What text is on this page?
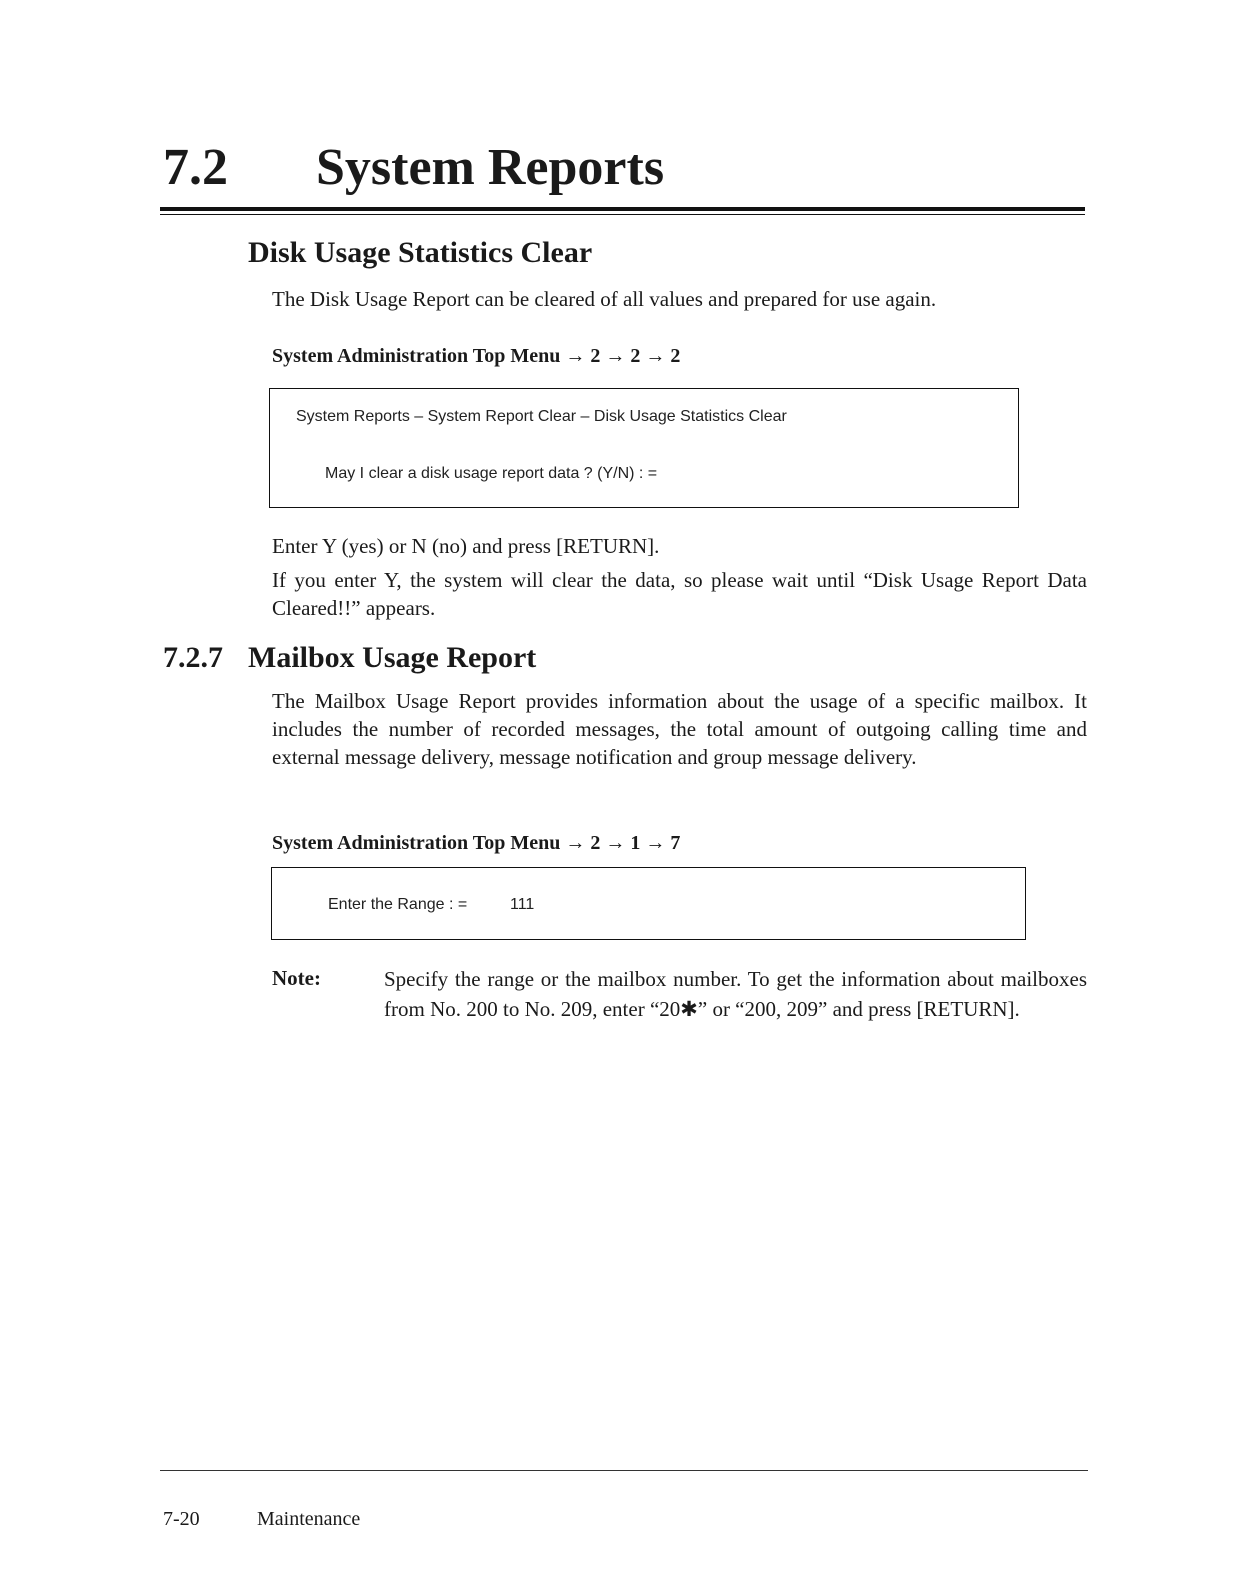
7.2 System Reports
Disk Usage Statistics Clear
The Disk Usage Report can be cleared of all values and prepared for use again.
System Administration Top Menu → 2 → 2 → 2
System Reports – System Report Clear – Disk Usage Statistics Clear
May I clear a disk usage report data ? (Y/N) : =
Enter Y (yes) or N (no) and press [RETURN].
If you enter Y, the system will clear the data, so please wait until “Disk Usage Report Data Cleared!!” appears.
7.2.7 Mailbox Usage Report
The Mailbox Usage Report provides information about the usage of a specific mailbox. It includes the number of recorded messages, the total amount of outgoing calling time and external message delivery, message notification and group message delivery.
System Administration Top Menu → 2 → 1 → 7
Enter the Range : =	111
Note:	Specify the range or the mailbox number. To get the information about mailboxes from No. 200 to No. 209, enter “20✱” or “200, 209” and press [RETURN].
7-20	Maintenance
